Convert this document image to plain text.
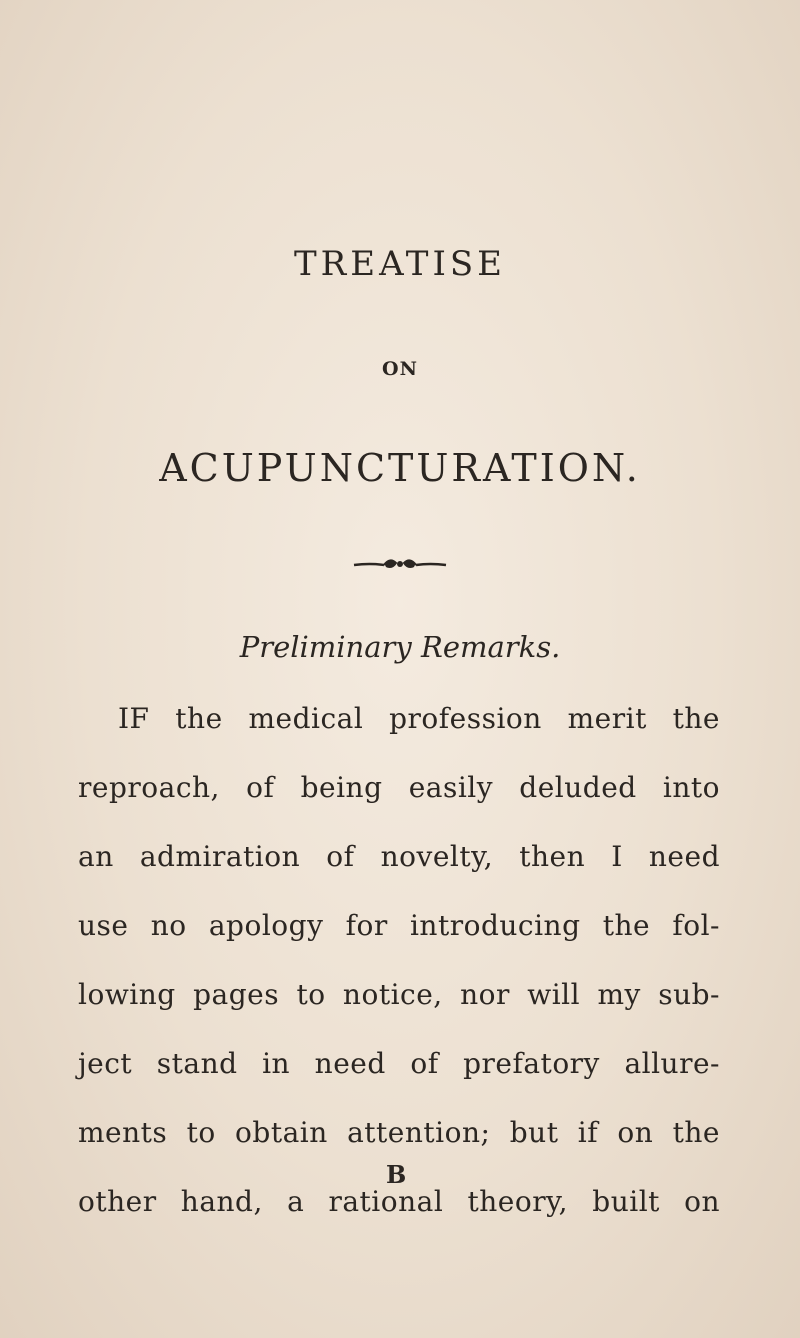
TREATISE
ON
ACUPUNCTURATION.
Preliminary Remarks.
IF the medical profession merit the
reproach, of being easily deluded into
an admiration of novelty, then I need
use no apology for introducing the fol-
lowing pages to notice, nor will my sub-
ject stand in need of prefatory allure-
ments to obtain attention; but if on the
other hand, a rational theory, built on
B
